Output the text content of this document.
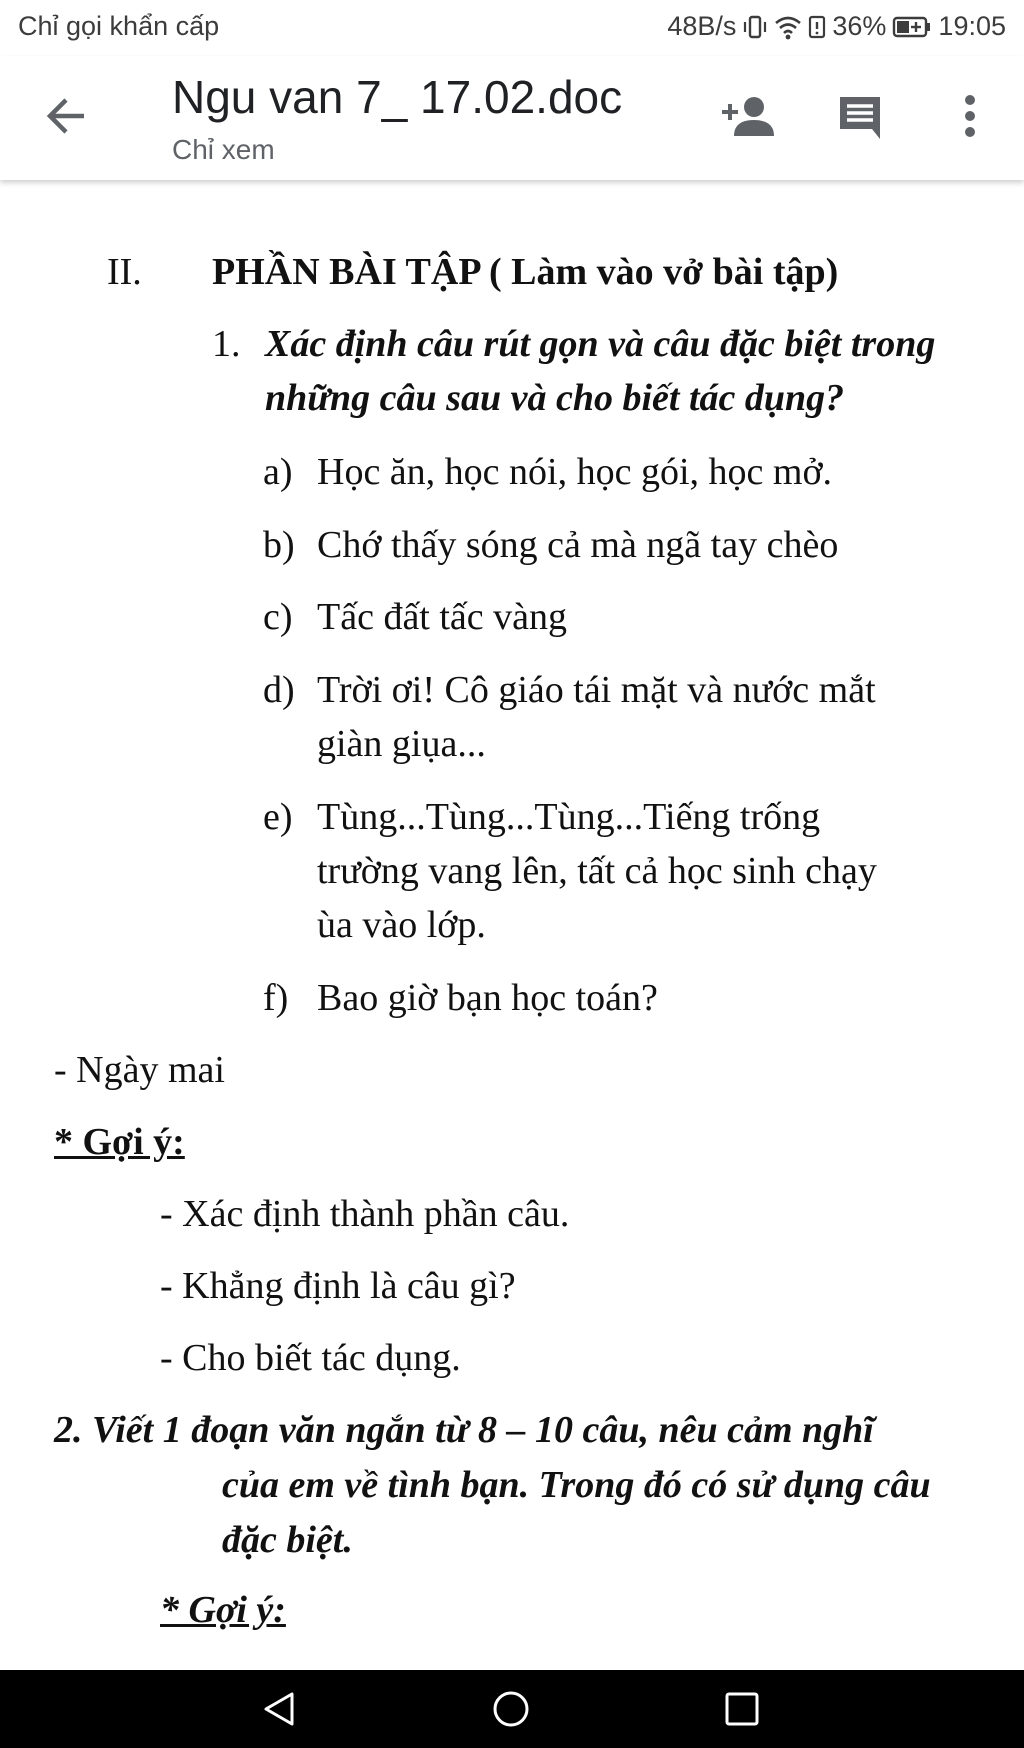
Chỉ gọi khẩn cấp	48B/s	36% 19:05
Ngu van 7_ 17.02.doc
Chỉ xem
II. PHẦN BÀI TẬP ( Làm vào vở bài tập)
1. Xác định câu rút gọn và câu đặc biệt trong
những câu sau và cho biết tác dụng?
a) Học ăn, học nói, học gói, học mở.
b) Chớ thấy sóng cả mà ngã tay chèo
c) Tấc đất tấc vàng
d) Trời ơi! Cô giáo tái mặt và nước mắt
giàn giụa...
e) Tùng...Tùng...Tùng...Tiếng trống
trường vang lên, tất cả học sinh chạy
ùa vào lớp.
f) Bao giờ bạn học toán?
- Ngày mai
* Gợi ý:
- Xác định thành phần câu.
- Khẳng định là câu gì?
- Cho biết tác dụng.
2. Viết 1 đoạn văn ngắn từ 8 – 10 câu, nêu cảm nghĩ
của em về tình bạn. Trong đó có sử dụng câu
đặc biệt.
* Gợi ý:
